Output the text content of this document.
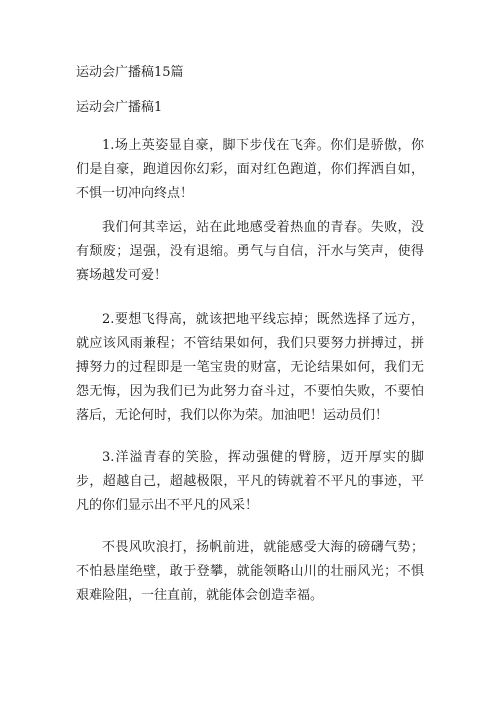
运动会广播稿15篇
运动会广播稿1

1.场上英姿显自豪，脚下步伐在飞奔。你们是骄傲，你们是自豪，跑道因你幻彩，面对红色跑道，你们挥洒自如，不惧一切冲向终点！

我们何其幸运，站在此地感受着热血的青春。失败，没有颓废；逞强，没有退缩。勇气与自信，汗水与笑声，使得赛场越发可爱！

2.要想飞得高，就该把地平线忘掉；既然选择了远方，就应该风雨兼程；不管结果如何，我们只要努力拼搏过，拼搏努力的过程即是一笔宝贵的财富，无论结果如何，我们无怨无悔，因为我们已为此努力奋斗过，不要怕失败，不要怕落后，无论何时，我们以你为荣。加油吧！运动员们！

3.洋溢青春的笑脸，挥动强健的臂膀，迈开厚实的脚步，超越自己，超越极限，平凡的铸就着不平凡的事迹，平凡的你们显示出不平凡的风采！

不畏风吹浪打，扬帆前进，就能感受大海的磅礴气势；不怕悬崖绝壁，敢于登攀，就能领略山川的壮丽风光；不惧艰难险阻，一往直前，就能体会创造幸福。
